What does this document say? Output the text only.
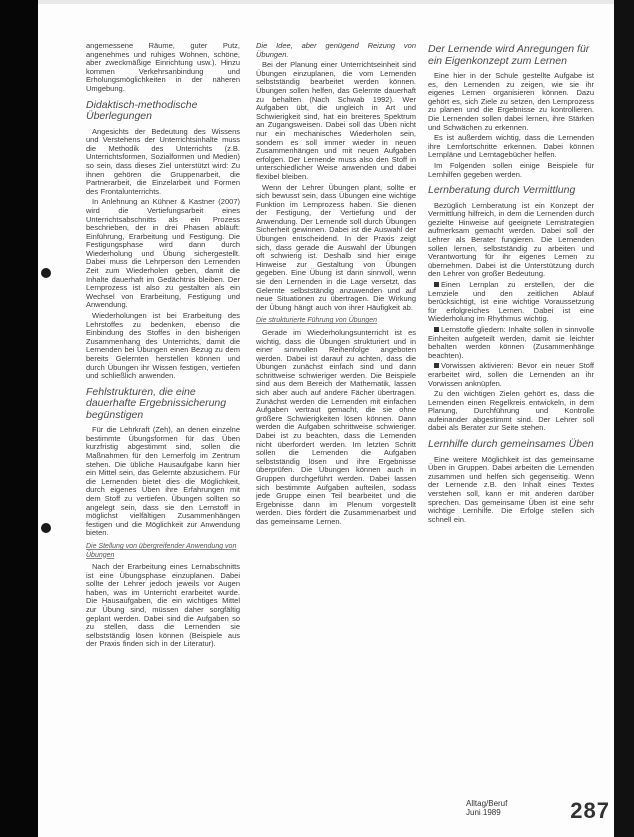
angemessene Räume, guter Putz, angenehmes und ruhiges Wohnen, schöne, aber zweckmäßige Einrichtung usw.). Hinzu kommen Verkehrsanbindung und Erholungsmöglichkeiten in der näheren Umgebung.

Didaktisch-methodische Überlegungen

Angesichts der Bedeutung des Wissens und Verstehens der Unterrichtsinhalte muss die Methodik des Unterrichts (z.B. Unterrichtsformen, Sozialformen und Medien) so sein, dass dieses Ziel unterstützt wird: Zu ihnen gehören die Gruppenarbeit, die Partnerarbeit, die Einzelarbeit und Formen des Frontalunterrichts.

In Anlehnung an Kühner & Kastner (2007) wird die Vertiefungsarbeit eines Unterrichtsabschnitts als ein Prozess beschrieben, der in drei Phasen abläuft: Einführung, Erarbeitung und Festigung. Die Festigungsphase wird dann durch Wiederholung und Übung sichergestellt. Dabei muss die Lehrperson den Lernenden Zeit zum Wiederholen geben, damit die Inhalte dauerhaft im Gedächtnis bleiben. Der Lernprozess ist also zu gestalten als ein Wechsel von Erarbeitung, Festigung und Anwendung.

Wiederholungen ist bei Erarbeitung des Lehrstoffes zu bedenken, ebenso die Einbindung des Stoffes in den bisherigen Zusammenhang des Unterrichts, damit die Lernenden bei Übungen einen Bezug zu dem bereits Gelernten herstellen können und durch Übungen ihr Wissen festigen, vertiefen und schließlich anwenden.

Fehlstrukturen, die eine dauerhafte Ergebnissicherung begünstigen

Für die Lehrkraft (Zeh), an denen einzelne bestimmte Übungsformen für das Üben kurzfristig abgestimmt sind, sollen die Maßnahmen für den Lernerfolg im Zentrum stehen. Die übliche Hausaufgabe kann hier ein Mittel sein, das Gelernte abzusichern. Für die Lernenden bietet dies die Möglichkeit, durch eigenes Üben ihre Erfahrungen mit dem Stoff zu vertiefen. Übungen sollten so angelegt sein, dass sie den Lernstoff in möglichst vielfältigen Zusammenhängen festigen und die Möglichkeit zur Anwendung bieten.

Die Stellung von übergreifender Anwendung von Übungen

Nach der Erarbeitung eines Lernabschnitts ist eine Übungsphase einzuplanen. Dabei sollte der Lehrer jedoch jeweils vor Augen haben, was im Unterricht erarbeitet wurde. Die Hausaufgaben, die ein wichtiges Mittel zur Übung sind, müssen daher sorgfältig geplant werden. Dabei sind die Aufgaben so zu stellen, dass die Lernenden sie selbstständig lösen können (Beispiele aus der Praxis finden sich in der Literatur).

Die Idee, aber genügend Reizung von Übungen.

Bei der Planung einer Unterrichtseinheit sind Übungen einzuplanen, die vom Lernenden selbstständig bearbeitet werden können. Übungen sollen helfen, das Gelernte dauerhaft zu behalten (Nach Schwab 1992). Wer Aufgaben übt, die ungleich in Art und Schwierigkeit sind, hat ein breiteres Spektrum an Zugangsweisen. Dabei soll das Üben nicht nur ein mechanisches Wiederholen sein, sondern es soll immer wieder in neuen Zusammenhängen und mit neuen Aufgaben erfolgen. Der Lernende muss also den Stoff in unterschiedlicher Weise anwenden und dabei flexibel bleiben.

Wenn der Lehrer Übungen plant, sollte er sich bewusst sein, dass Übungen eine wichtige Funktion im Lernprozess haben. Sie dienen der Festigung, der Vertiefung und der Anwendung. Der Lernende soll durch Übungen Sicherheit gewinnen. Dabei ist die Auswahl der Übungen entscheidend. In der Praxis zeigt sich, dass gerade die Auswahl der Übungen oft schwierig ist. Deshalb sind hier einige Hinweise zur Gestaltung von Übungen gegeben. Eine Übung ist dann sinnvoll, wenn sie den Lernenden in die Lage versetzt, das Gelernte selbstständig anzuwenden und auf neue Situationen zu übertragen. Die Wirkung der Übung hängt auch von ihrer Häufigkeit ab.

Die strukturierte Führung von Übungen

Gerade im Wiederholungsunterricht ist es wichtig, dass die Übungen strukturiert und in einer sinnvollen Reihenfolge angeboten werden. Dabei ist darauf zu achten, dass die Übungen zunächst einfach sind und dann schrittweise schwieriger werden. Die Beispiele sind aus dem Bereich der Mathematik, lassen sich aber auch auf andere Fächer übertragen. Zunächst werden die Lernenden mit einfachen Aufgaben vertraut gemacht, die sie ohne größere Schwierigkeiten lösen können. Dann werden die Aufgaben schrittweise schwieriger. Dabei ist zu beachten, dass die Lernenden nicht überfordert werden. Im letzten Schritt sollen die Lernenden die Aufgaben selbstständig lösen und ihre Ergebnisse überprüfen. Die Übungen können auch in Gruppen durchgeführt werden. Dabei lassen sich bestimmte Aufgaben aufteilen, sodass jede Gruppe einen Teil bearbeitet und die Ergebnisse dann im Plenum vorgestellt werden. Dies fördert die Zusammenarbeit und das gemeinsame Lernen.

Der Lernende wird Anregungen für ein Eigenkonzept zum Lernen

Eine hier in der Schule gestellte Aufgabe ist es, den Lernenden zu zeigen, wie sie ihr eigenes Lernen organisieren können. Dazu gehört es, sich Ziele zu setzen, den Lernprozess zu planen und die Ergebnisse zu kontrollieren. Die Lernenden sollen dabei lernen, ihre Stärken und Schwächen zu erkennen.

Es ist außerdem wichtig, dass die Lernenden ihre Lernfortschritte erkennen. Dabei können Lernpläne und Lerntagebücher helfen.

Im Folgenden sollen einige Beispiele für Lernhilfen gegeben werden.

Lernberatung durch Vermittlung

Bezüglich Lernberatung ist ein Konzept der Vermittlung hilfreich, in dem die Lernenden durch gezielte Hinweise auf geeignete Lernstrategien aufmerksam gemacht werden. Dabei soll der Lehrer als Berater fungieren. Die Lernenden sollen lernen, selbstständig zu arbeiten und Verantwortung für ihr eigenes Lernen zu übernehmen. Dabei ist die Unterstützung durch den Lehrer von großer Bedeutung.

Einen Lernplan zu erstellen, der die Lernziele und den zeitlichen Ablauf berücksichtigt, ist eine wichtige Voraussetzung für erfolgreiches Lernen. Dabei ist eine Wiederholung im Rhythmus wichtig.

Lernstoffe gliedern: Inhalte sollen in sinnvolle Einheiten aufgeteilt werden, damit sie leichter behalten werden können (Zusammenhänge beachten).

Vorwissen aktivieren: Bevor ein neuer Stoff erarbeitet wird, sollen die Lernenden an ihr Vorwissen anknüpfen.

Zu den wichtigen Zielen gehört es, dass die Lernenden einen Regelkreis entwickeln, in dem Planung, Durchführung und Kontrolle aufeinander abgestimmt sind. Der Lehrer soll dabei als Berater zur Seite stehen.

Lernhilfe durch gemeinsames Üben

Eine weitere Möglichkeit ist das gemeinsame Üben in Gruppen. Dabei arbeiten die Lernenden zusammen und helfen sich gegenseitig. Wenn der Lernende z.B. den Inhalt eines Textes verstehen soll, kann er mit anderen darüber sprechen. Das gemeinsame Üben ist eine sehr wichtige Lernhilfe. Die Erfolge stellen sich schnell ein.

Alltag/Beruf
Juni 1989	287
